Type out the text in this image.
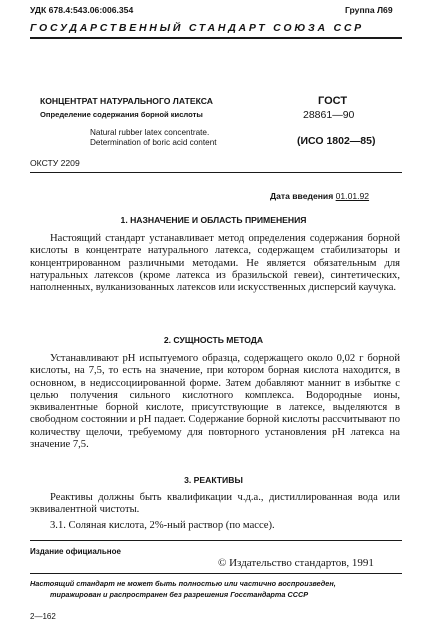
УДК 678.4:543.06:006.354	Группа Л69
ГОСУДАРСТВЕННЫЙ СТАНДАРТ СОЮЗА ССР
КОНЦЕНТРАТ НАТУРАЛЬНОГО ЛАТЕКСА
Определение содержания борной кислоты
Natural rubber latex concentrate.
Determination of boric acid content
ГОСТ
28861—90
(ИСО 1802—85)
ОКСТУ 2209
Дата введения 01.01.92
1. НАЗНАЧЕНИЕ И ОБЛАСТЬ ПРИМЕНЕНИЯ
Настоящий стандарт устанавливает метод определения содержания борной кислоты в концентрате натурального латекса, содержащем стабилизаторы и концентрированном различными методами. Не является обязательным для натуральных латексов (кроме латекса из бразильской гевеи), синтетических, наполненных, вулканизованных латексов или искусственных дисперсий каучука.
2. СУЩНОСТЬ МЕТОДА
Устанавливают pH испытуемого образца, содержащего около 0,02 г борной кислоты, на 7,5, то есть на значение, при котором борная кислота находится, в основном, в недиссоциированной форме. Затем добавляют маннит в избытке с целью получения сильного кислотного комплекса. Водородные ионы, эквивалентные борной кислоте, присутствующие в латексе, выделяются в свободном состоянии и pH падает. Содержание борной кислоты рассчитывают по количеству щелочи, требуемому для повторного установления pH латекса на значение 7,5.
3. РЕАКТИВЫ
Реактивы должны быть квалификации ч.д.а., дистиллированная вода или эквивалентной чистоты.
3.1. Соляная кислота, 2%-ный раствор (по массе).
Издание официальное
© Издательство стандартов, 1991
Настоящий стандарт не может быть полностью или частично воспроизведен,
тиражирован и распространен без разрешения Госстандарта СССР
2—162
